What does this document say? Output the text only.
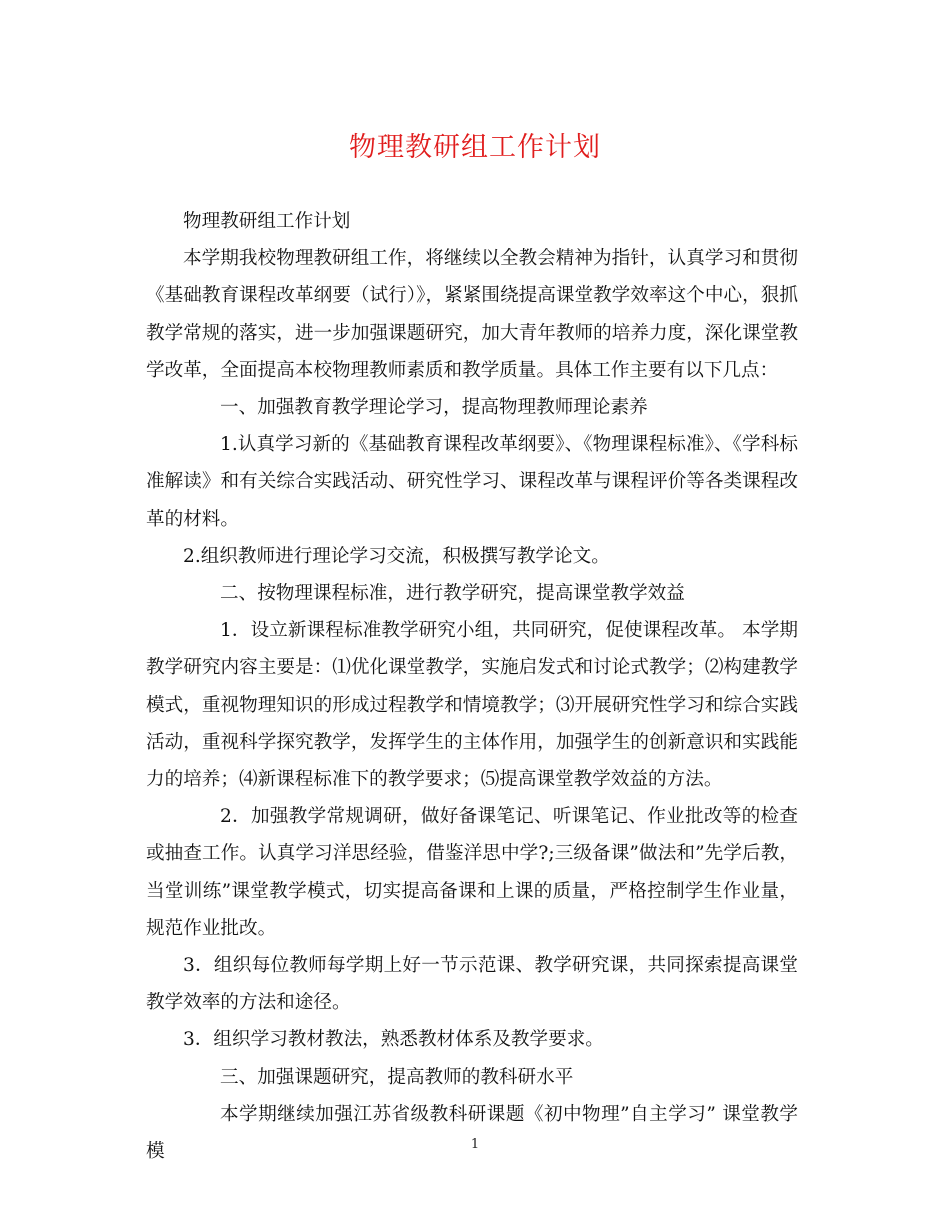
物理教研组工作计划

物理教研组工作计划

本学期我校物理教研组工作，将继续以全教会精神为指针，认真学习和贯彻《基础教育课程改革纲要（试行）》，紧紧围绕提高课堂教学效率这个中心，狠抓教学常规的落实，进一步加强课题研究，加大青年教师的培养力度，深化课堂教学改革，全面提高本校物理教师素质和教学质量。具体工作主要有以下几点：

一、加强教育教学理论学习，提高物理教师理论素养

1.认真学习新的《基础教育课程改革纲要》、《物理课程标准》、《学科标准解读》和有关综合实践活动、研究性学习、课程改革与课程评价等各类课程改革的材料。

2.组织教师进行理论学习交流，积极撰写教学论文。

二、按物理课程标准，进行教学研究，提高课堂教学效益

1．设立新课程标准教学研究小组，共同研究，促使课程改革。 本学期教学研究内容主要是：⑴优化课堂教学，实施启发式和讨论式教学；⑵构建教学模式，重视物理知识的形成过程教学和情境教学；⑶开展研究性学习和综合实践活动，重视科学探究教学，发挥学生的主体作用，加强学生的创新意识和实践能力的培养；⑷新课程标准下的教学要求；⑸提高课堂教学效益的方法。

2．加强教学常规调研，做好备课笔记、听课笔记、作业批改等的检查或抽查工作。认真学习洋思经验，借鉴洋思中学?;三级备课”做法和”先学后教，当堂训练”课堂教学模式，切实提高备课和上课的质量，严格控制学生作业量，规范作业批改。

3．组织每位教师每学期上好一节示范课、教学研究课，共同探索提高课堂教学效率的方法和途径。

3．组织学习教材教法，熟悉教材体系及教学要求。

三、加强课题研究，提高教师的教科研水平

本学期继续加强江苏省级教科研课题《初中物理”自主学习” 课堂教学模	1
